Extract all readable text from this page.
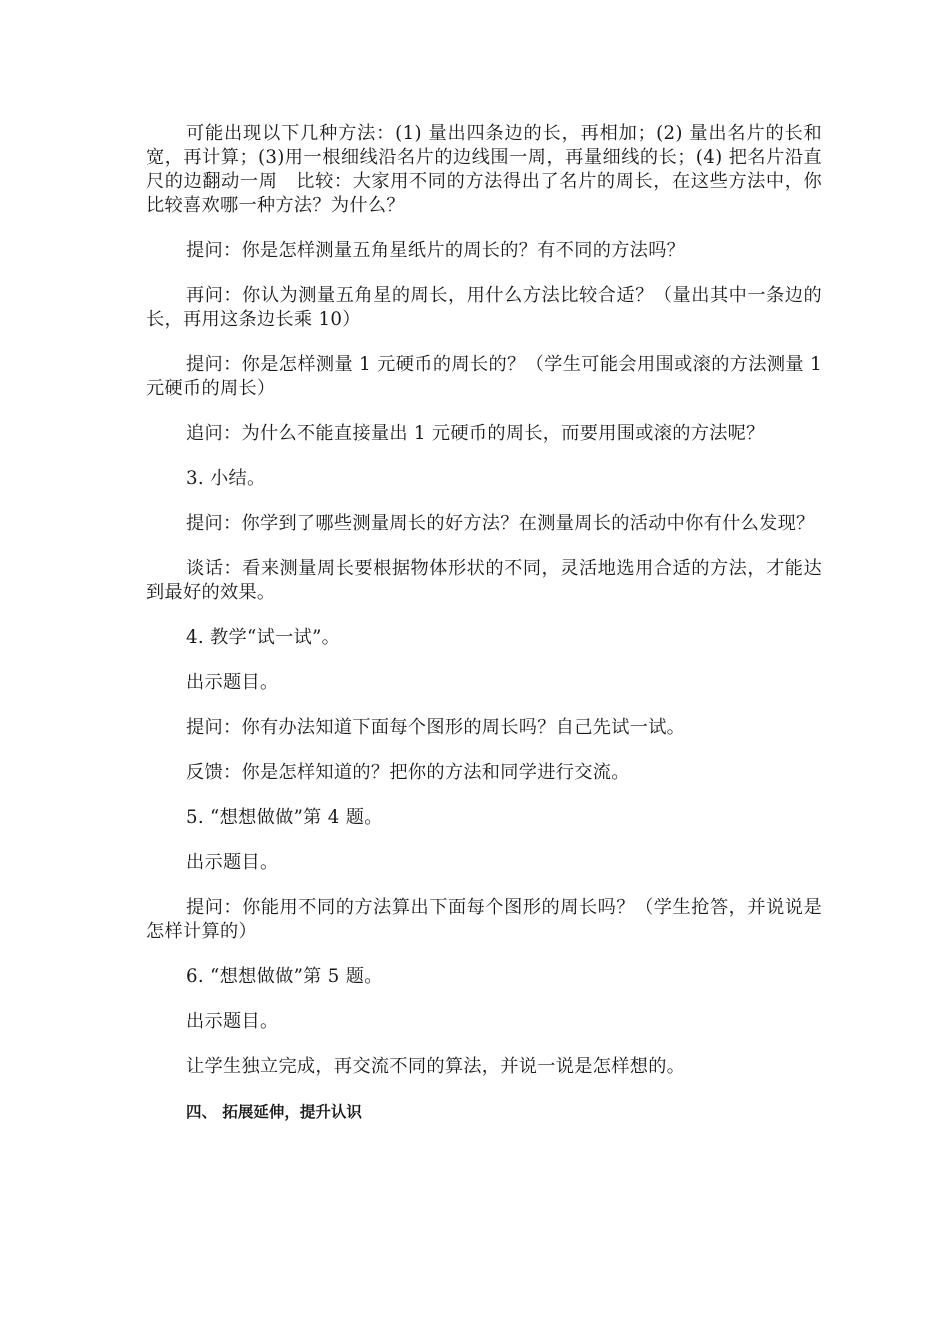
可能出现以下几种方法：(1) 量出四条边的长，再相加；(2) 量出名片的长和宽，再计算；(3)用一根细线沿名片的边线围一周，再量细线的长；(4) 把名片沿直尺的边翻动一周　比较：大家用不同的方法得出了名片的周长，在这些方法中，你比较喜欢哪一种方法？为什么？

提问：你是怎样测量五角星纸片的周长的？有不同的方法吗？

再问：你认为测量五角星的周长，用什么方法比较合适？（量出其中一条边的长，再用这条边长乘 10）

提问：你是怎样测量 1 元硬币的周长的？（学生可能会用围或滚的方法测量 1 元硬币的周长）

追问：为什么不能直接量出 1 元硬币的周长，而要用围或滚的方法呢？

3. 小结。

提问：你学到了哪些测量周长的好方法？在测量周长的活动中你有什么发现？

谈话：看来测量周长要根据物体形状的不同，灵活地选用合适的方法，才能达到最好的效果。

4. 教学“试一试”。

出示题目。

提问：你有办法知道下面每个图形的周长吗？自己先试一试。

反馈：你是怎样知道的？把你的方法和同学进行交流。

5. “想想做做”第 4 题。

出示题目。

提问：你能用不同的方法算出下面每个图形的周长吗？（学生抢答，并说说是怎样计算的）

6. “想想做做”第 5 题。

出示题目。

让学生独立完成，再交流不同的算法，并说一说是怎样想的。

四、 拓展延伸，提升认识
